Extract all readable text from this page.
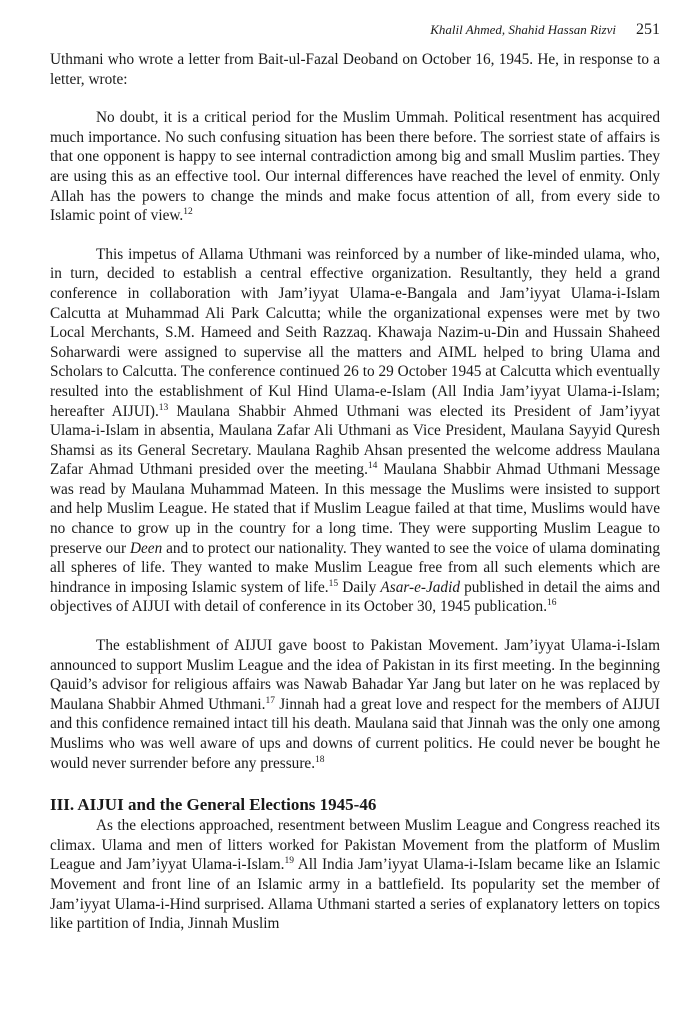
Khalil Ahmed, Shahid Hassan Rizvi 251

Uthmani who wrote a letter from Bait-ul-Fazal Deoband on October 16, 1945. He, in response to a letter, wrote:

No doubt, it is a critical period for the Muslim Ummah. Political resentment has acquired much importance. No such confusing situation has been there before. The sorriest state of affairs is that one opponent is happy to see internal contradiction among big and small Muslim parties. They are using this as an effective tool. Our internal differences have reached the level of enmity. Only Allah has the powers to change the minds and make focus attention of all, from every side to Islamic point of view.$^{12}$

This impetus of Allama Uthmani was reinforced by a number of like-minded ulama, who, in turn, decided to establish a central effective organization. Resultantly, they held a grand conference in collaboration with Jam’iyyat Ulama-e-Bangala and Jam’iyyat Ulama-i-Islam Calcutta at Muhammad Ali Park Calcutta; while the organizational expenses were met by two Local Merchants, S.M. Hameed and Seith Razzaq. Khawaja Nazim-u-Din and Hussain Shaheed Soharwardi were assigned to supervise all the matters and AIML helped to bring Ulama and Scholars to Calcutta. The conference continued 26 to 29 October 1945 at Calcutta which eventually resulted into the establishment of Kul Hind Ulama-e-Islam (All India Jam’iyyat Ulama-i-Islam; hereafter AIJUI).$^{13}$ Maulana Shabbir Ahmed Uthmani was elected its President of Jam’iyyat Ulama-i-Islam in absentia, Maulana Zafar Ali Uthmani as Vice President, Maulana Sayyid Quresh Shamsi as its General Secretary. Maulana Raghib Ahsan presented the welcome address Maulana Zafar Ahmad Uthmani presided over the meeting.$^{14}$ Maulana Shabbir Ahmad Uthmani Message was read by Maulana Muhammad Mateen. In this message the Muslims were insisted to support and help Muslim League. He stated that if Muslim League failed at that time, Muslims would have no chance to grow up in the country for a long time. They were supporting Muslim League to preserve our Deen and to protect our nationality. They wanted to see the voice of ulama dominating all spheres of life. They wanted to make Muslim League free from all such elements which are hindrance in imposing Islamic system of life.$^{15}$ Daily Asar-e-Jadid published in detail the aims and objectives of AIJUI with detail of conference in its October 30, 1945 publication.$^{16}$

The establishment of AIJUI gave boost to Pakistan Movement. Jam’iyyat Ulama-i-Islam announced to support Muslim League and the idea of Pakistan in its first meeting. In the beginning Qauid’s advisor for religious affairs was Nawab Bahadar Yar Jang but later on he was replaced by Maulana Shabbir Ahmed Uthmani.$^{17}$ Jinnah had a great love and respect for the members of AIJUI and this confidence remained intact till his death. Maulana said that Jinnah was the only one among Muslims who was well aware of ups and downs of current politics. He could never be bought he would never surrender before any pressure.$^{18}$

III. AIJUI and the General Elections 1945-46

As the elections approached, resentment between Muslim League and Congress reached its climax. Ulama and men of litters worked for Pakistan Movement from the platform of Muslim League and Jam’iyyat Ulama-i-Islam.$^{19}$ All India Jam’iyyat Ulama-i-Islam became like an Islamic Movement and front line of an Islamic army in a battlefield. Its popularity set the member of Jam’iyyat Ulama-i-Hind surprised. Allama Uthmani started a series of explanatory letters on topics like partition of India, Jinnah Muslim
